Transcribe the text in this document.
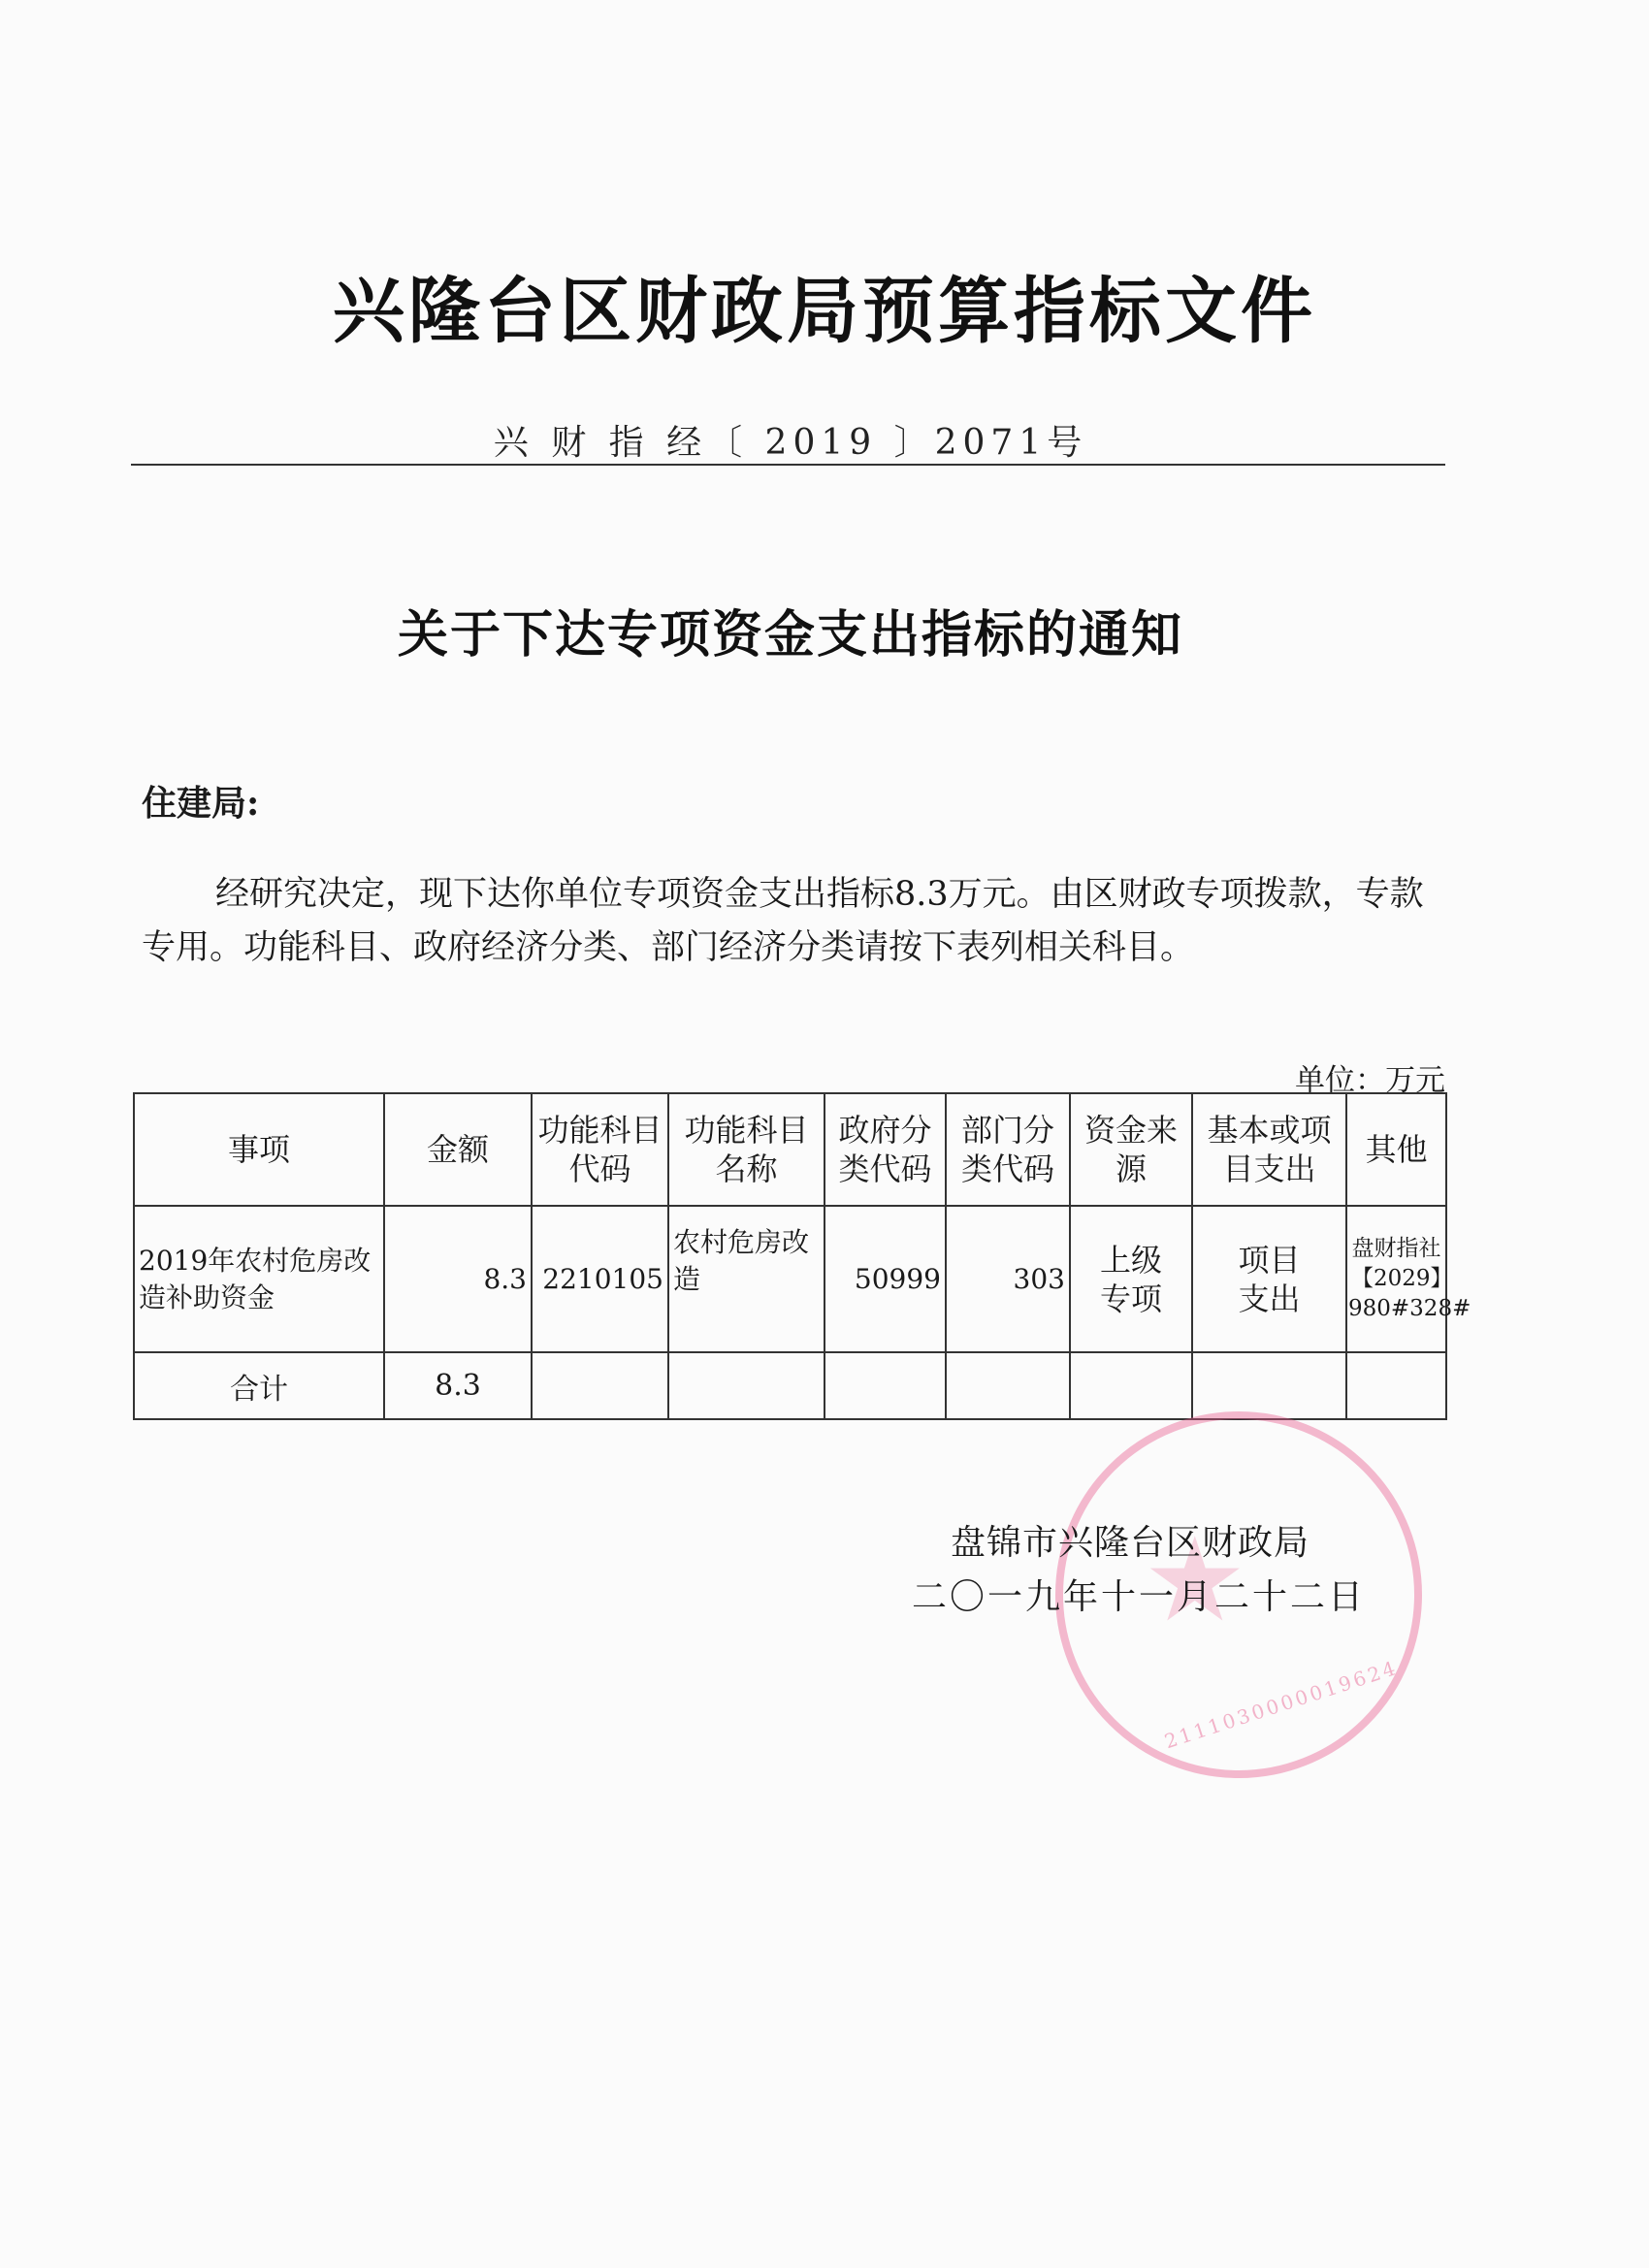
兴隆台区财政局预算指标文件
兴 财 指 经〔 2019 〕2071号
关于下达专项资金支出指标的通知
住建局:
经研究决定，现下达你单位专项资金支出指标8.3万元。由区财政专项拨款，专款专用。功能科目、政府经济分类、部门经济分类请按下表列相关科目。
单位：万元
事项	金额	功能科目代码	功能科目名称	政府分类代码	部门分类代码	资金来源	基本或项目支出	其他
2019年农村危房改造补助资金	8.3	2210105	农村危房改造	50999	303	上级专项	项目支出	盘财指社【2029】980#328#
合计	8.3							
★
2111030000019624
盘锦市兴隆台区财政局
二〇一九年十一月二十二日
